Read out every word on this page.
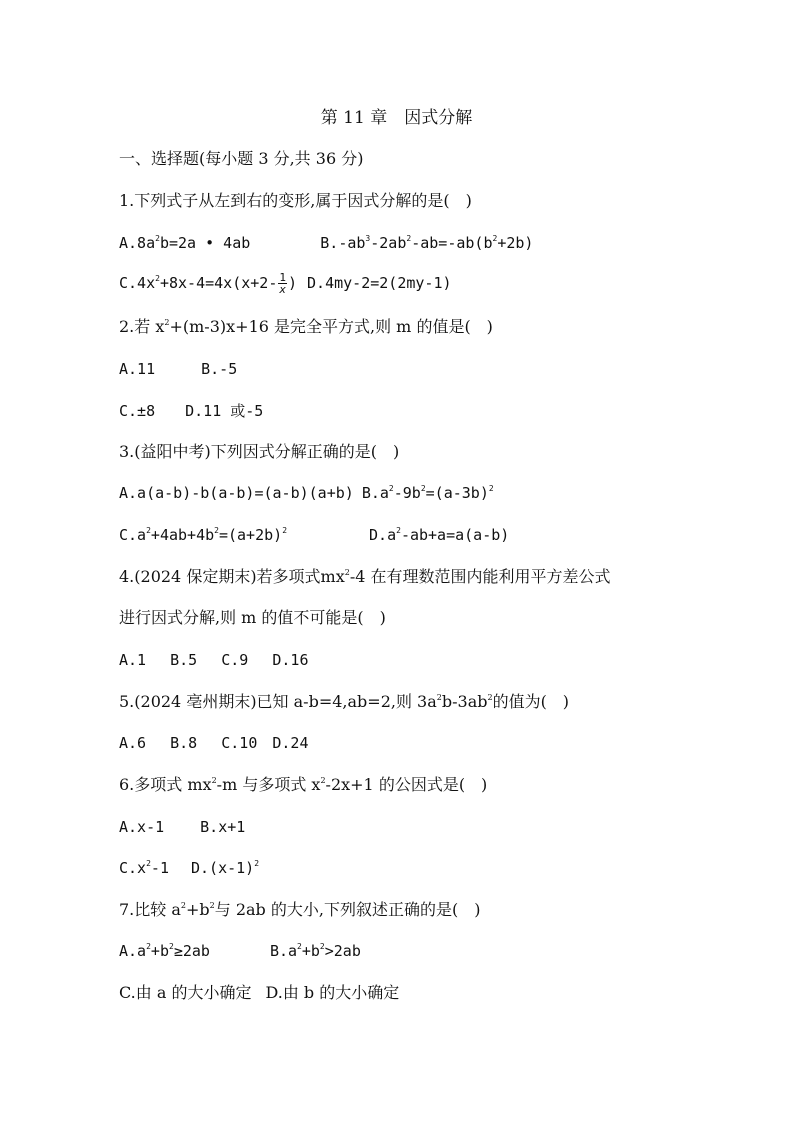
第 11 章　因式分解
一、选择题(每小题 3 分,共 36 分)
1.下列式子从左到右的变形,属于因式分解的是(　)
$A.8a^2b=2a$ • 4ab	$B.-ab^3-2ab^2-ab=-ab(b^2+2b)$
$C.4x^2+8x-4=4x(x+2- \frac{1}{x}$ ) D.4my-2=2(2my-1)
2.若 $x^2+(m-3)x+16$ 是完全平方式,则 m 的值是(　)
A.11	B.-5
C.±8 D.11 或-5
3.(益阳中考)下列因式分解正确的是(　)
A.a(a-b)-b(a-b)=(a-b)(a+b) $B.a^2-9b^2=(a-3b)^2$
$C.a^2+4ab+4b^2=(a+2b)^2$	$D.a^2-ab+a=a(a-b)$
4.(2024 保定期末)若多项式$mx^2-4$ 在有理数范围内能利用平方差公式
进行因式分解,则 m 的值不可能是(　)
A.1　 B.5　 C.9　 D.16
5.(2024 亳州期末)已知 a-b=4,ab=2,则 $3a^2b-3ab^2$的值为(　)
A.6　 B.8　 C.10　D.24
6.多项式 $mx^2-m$ 与多项式 $x^2-2x+1$ 的公因式是(　)
A.x-1 B.x+1
$C.x^2-1$ $D.(x-1)^2$
7.比较 $a^2+b^2$与 2ab 的大小,下列叙述正确的是(　)
$A.a^2+b^2\ge 2ab$	$B.a^2+b^2>2ab$
C.由 a 的大小确定 D.由 b 的大小确定
